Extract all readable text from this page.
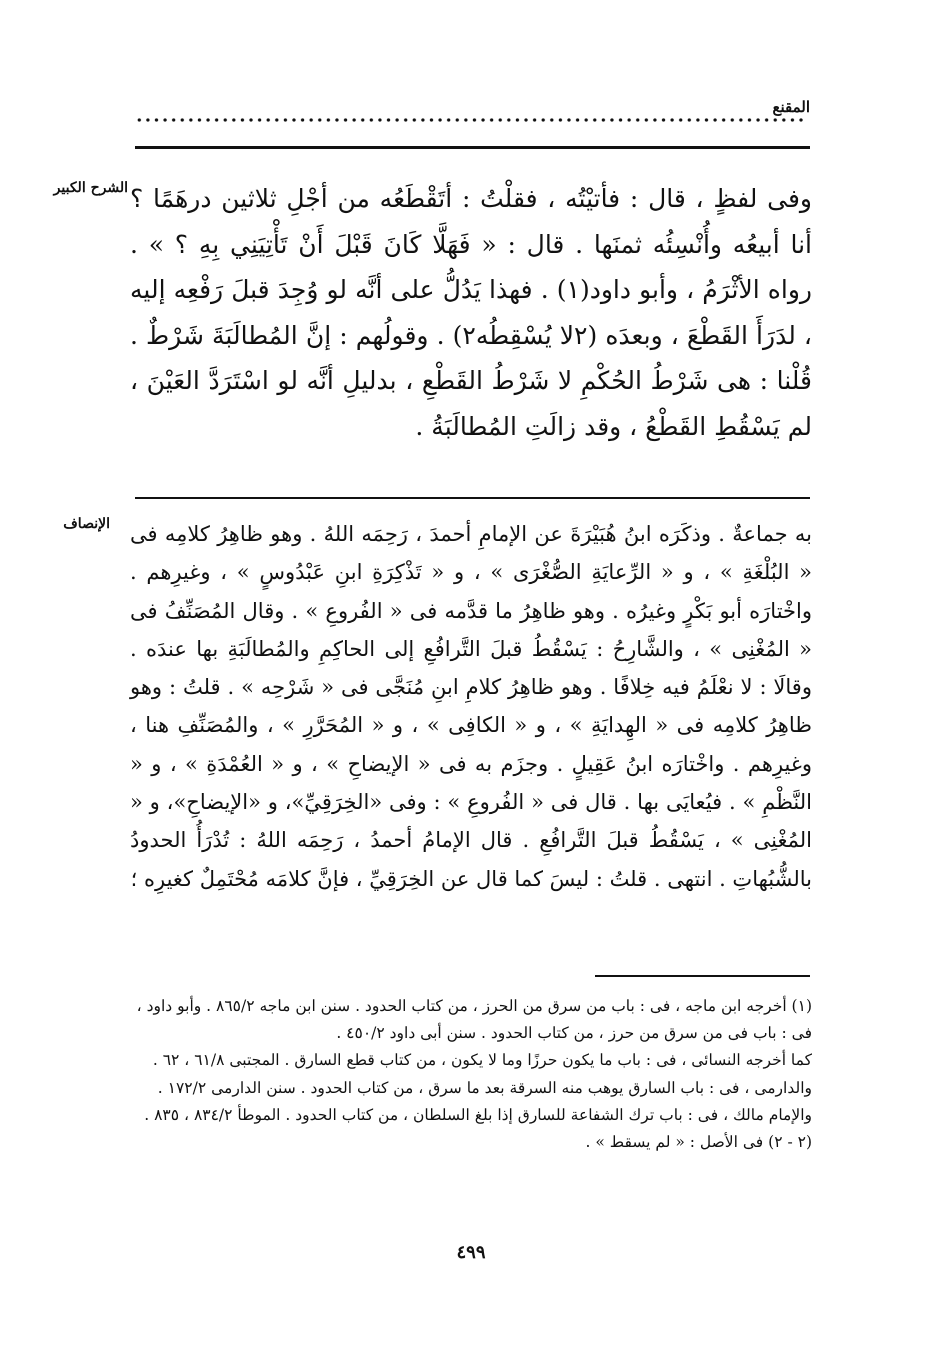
المقنع
الشرح الكبير
الإنصاف

وفى لفظٍ ، قال : فأتيْتُه ، فقلْتُ : أتَقْطَعُه من أجْلِ ثلاثين درهَمًا ؟ أنا أبيعُه وأُنْسِئُه ثمنَها . قال : « فَهَلَّا كَانَ قَبْلَ أَنْ تَأْتِيَنِي بِهِ ؟ » . رواه الأثْرَمُ ، وأبو داود(١) . فهذا يَدُلُّ على أنَّه لو وُجِدَ قبلَ رَفْعِه إليه ، لدَرَأَ القَطْعَ ، وبعدَه (٢لا يُسْقِطُه٢) . وقولُهم : إنَّ المُطالَبَةَ شَرْطٌ . قُلْنا : هى شَرْطُ الحُكْمِ لا شَرْطُ القَطْعِ ، بدليلِ أنَّه لو اسْتَرَدَّ العَيْنَ ، لم يَسْقُطِ القَطْعُ ، وقد زالَتِ المُطالَبَةُ .

به جماعةٌ . وذكَرَه ابنُ هُبَيْرَةَ عن الإمامِ أحمدَ ، رَحِمَه اللهُ . وهو ظاهِرُ كلامِه فى « البُلْغَةِ » ، و « الرِّعايَةِ الصُّغْرَى » ، و « تَذْكِرَةِ ابنِ عَبْدُوسٍ » ، وغيرِهم . واخْتارَه أبو بَكْرٍ وغيرُه . وهو ظاهِرُ ما قدَّمه فى « الفُروعِ » . وقال المُصَنِّفُ فى « المُغْنِى » ، والشَّارِحُ : يَسْقُطُ قبلَ التَّرافُعِ إلى الحاكِمِ والمُطالَبَةِ بها عندَه . وقالَا : لا نعْلَمُ فيه خِلافًا . وهو ظاهِرُ كلامِ ابنِ مُنَجَّى فى « شَرْحِه » . قلتُ : وهو ظاهِرُ كلامِه فى « الهِدايَةِ » ، و « الكافِى » ، و « المُحَرَّرِ » ، والمُصَنِّفِ هنا ، وغيرِهم . واخْتارَه ابنُ عَقِيلٍ . وجزَم به فى « الإيضاحِ » ، و « العُمْدَةِ » ، و « النَّظْمِ » . فيُعايَى بها . قال فى « الفُروعِ » : وفى «الخِرَقِيِّ»، و «الإيضاحِ»، و « المُغْنِى » ، يَسْقُطُ قبلَ التَّرافُعِ . قال الإمامُ أحمدُ ، رَحِمَه اللهُ : تُدْرَأُ الحدودُ بالشُّبُهاتِ . انتهى . قلتُ : ليسَ كما قال عن الخِرَقِيِّ ، فإنَّ كلامَه مُحْتَمِلٌ كغيرِه ؛

(١) أخرجه ابن ماجه ، فى : باب من سرق من الحرز ، من كتاب الحدود . سنن ابن ماجه ٨٦٥/٢ . وأبو داود ، فى : باب فى من سرق من حرز ، من كتاب الحدود . سنن أبى داود ٤٥٠/٢ .

كما أخرجه النسائى ، فى : باب ما يكون حرزًا وما لا يكون ، من كتاب قطع السارق . المجتبى ٦١/٨ ، ٦٢ . والدارمى ، فى : باب السارق يوهب منه السرقة بعد ما سرق ، من كتاب الحدود . سنن الدارمى ١٧٢/٢ . والإمام مالك ، فى : باب ترك الشفاعة للسارق إذا بلغ السلطان ، من كتاب الحدود . الموطأ ٨٣٤/٢ ، ٨٣٥ .

(٢ - ٢) فى الأصل : « لم يسقط » .

٤٩٩
